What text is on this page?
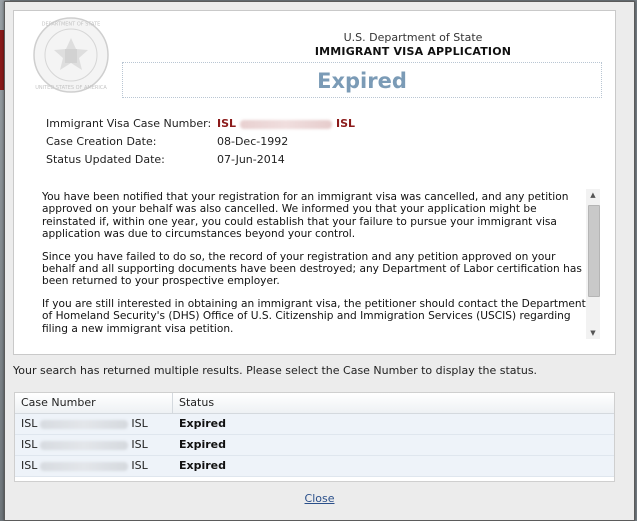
DEPARTMENT OF STATE
UNITED STATES OF AMERICA
U.S. Department of State
IMMIGRANT VISA APPLICATION
Expired
Immigrant Visa Case Number: ISL	ISL
Case Creation Date:	08-Dec-1992
Status Updated Date:	07-Jun-2014

You have been notified that your registration for an immigrant visa was cancelled, and any petition approved on your behalf was also cancelled. We informed you that your application might be reinstated if, within one year, you could establish that your failure to pursue your immigrant visa application was due to circumstances beyond your control.

Since you have failed to do so, the record of your registration and any petition approved on your behalf and all supporting documents have been destroyed; any Department of Labor certification has been returned to your prospective employer.

If you are still interested in obtaining an immigrant visa, the petitioner should contact the Department of Homeland Security's (DHS) Office of U.S. Citizenship and Immigration Services (USCIS) regarding filing a new immigrant visa petition.

▲
▼
Your search has returned multiple results. Please select the Case Number to display the status.
Case Number	Status
ISL	ISL	Expired
ISL	ISL	Expired
ISL	ISL	Expired
Close
